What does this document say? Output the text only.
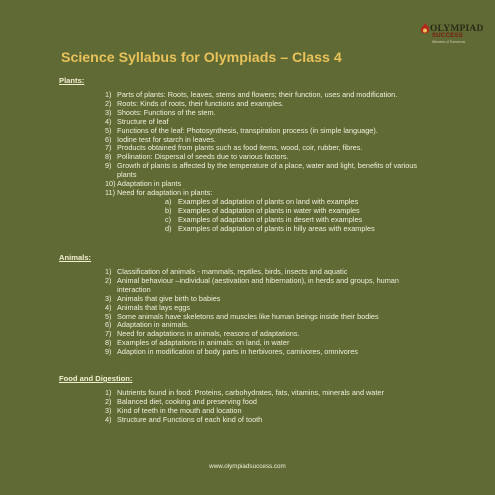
OLYMPIAD
SUCCESS
Winners of Tomorrow
Science Syllabus for Olympiads – Class 4
Plants:
1) Parts of plants: Roots, leaves, stems and flowers; their function, uses and modification.
2) Roots: Kinds of roots, their functions and examples.
3) Shoots: Functions of the stem.
4) Structure of leaf
5) Functions of the leaf: Photosynthesis, transpiration process (in simple language).
6) Iodine test for starch in leaves.
7) Products obtained from plants such as food items, wood, coir, rubber, fibres.
8) Pollination: Dispersal of seeds due to various factors.
9) Growth of plants is affected by the temperature of a place, water and light, benefits of various plants
10) Adaptation in plants
11) Need for adaptation in plants:
a) Examples of adaptation of plants on land with examples
b) Examples of adaptation of plants in water with examples
c) Examples of adaptation of plants in desert with examples
d) Examples of adaptation of plants in hilly areas with examples
Animals:
1) Classification of animals - mammals, reptiles, birds, insects and aquatic
2) Animal behaviour –individual (aestivation and hibernation), in herds and groups, human interaction
3) Animals that give birth to babies
4) Animals that lays eggs
5) Some animals have skeletons and muscles like human beings inside their bodies
6) Adaptation in animals.
7) Need for adaptations in animals, reasons of adaptations.
8) Examples of adaptations in animals: on land, in water
9) Adaption in modification of body parts in herbivores, carnivores, omnivores
Food and Digestion:
1) Nutrients found in food: Proteins, carbohydrates, fats, vitamins, minerals and water
2) Balanced diet, cooking and preserving food
3) Kind of teeth in the mouth and location
4) Structure and Functions of each kind of tooth
www.olympiadsuccess.com
